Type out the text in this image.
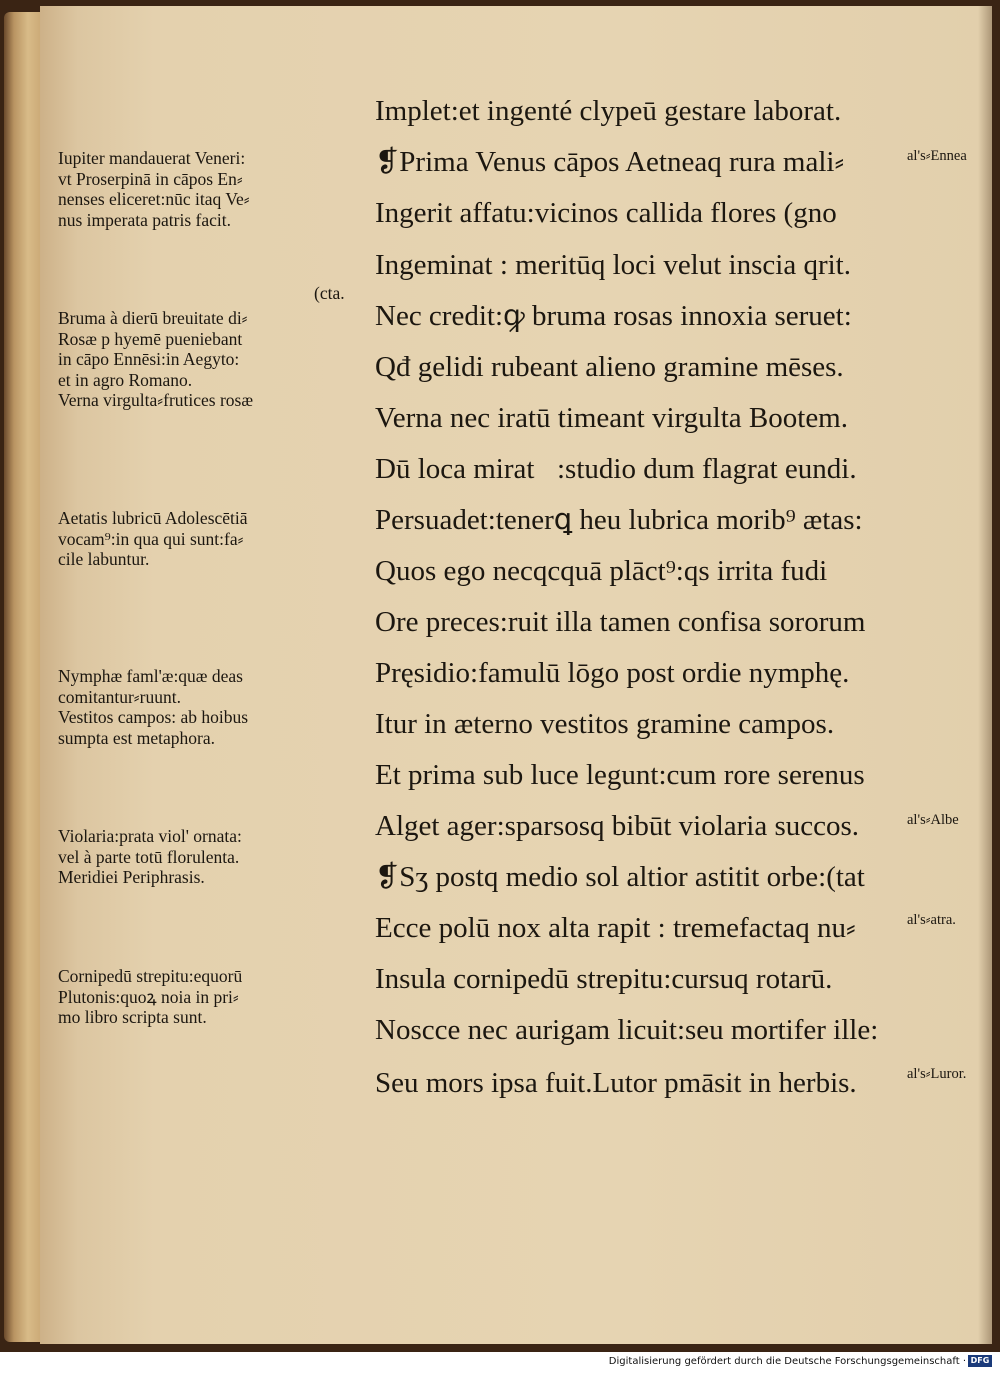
Implet:et ingenté clypeū gestare laborat.
❡Prima Venus cāpos Aetneaq rura mali⸗
Ingerit affatu:vicinos callida flores (gno
Ingeminat : meritūq loci velut inscia qrit.
Nec credit:ꝙ bruma rosas innoxia seruet:
Qđ gelidi rubeant alieno gramine mēses.
Verna nec iratū timeant virgulta Bootem.
Dū loca mirat᷑:studio dum flagrat eundi.
Persuadet:tenerꝗ heu lubrica morib⁹ ætas:
Quos ego necqcquā plāct⁹:qs irrita fudi
Ore preces:ruit illa tamen confisa sororum
Pręsidio:famulū lōgo post ordie nymphę.
Itur in æterno vestitos gramine campos.
Et prima sub luce legunt:cum rore serenus
Alget ager:sparsosq bibūt violaria succos.
❡Sʒ postq medio sol altior astitit orbe:(tat
Ecce polū nox alta rapit : tremefactaq nu⸗
Insula cornipedū strepitu:cursuq rotarū.
Noscce nec aurigam licuit:seu mortifer ille:
Seu mors ipsa fuit.Lutor pmāsit in herbis.
Iupiter mandauerat Veneri:
vt Proserpinā in cāpos En⸗
nenses eliceret:nūc itaq Ve⸗
nus imperata patris facit.
(cta.
Bruma à dierū breuitate di⸗
Rosæ p hyemē pueniebant
in cāpo Ennēsi:in Aegyto:
et in agro Romano.
Verna virgulta⸗frutices rosæ
Aetatis lubricū Adolescētiā
vocam⁹:in qua qui sunt:fa⸗
cile labuntur.
Nymphæ faml'æ:quæ deas
comitantur⸗ruunt.
Vestitos campos: ab hoibus
sumpta est metaphora.
Violaria:prata viol' ornata:
vel à parte totū florulenta.
Meridiei Periphrasis.
Cornipedū strepitu:equorū
Plutonis:quoꝝ noia in pri⸗
mo libro scripta sunt.
al's⸗Ennea
al's⸗Albe
al's⸗atra.
al's⸗Luror.
Digitalisierung gefördert durch die Deutsche Forschungsgemeinschaft · DFG
